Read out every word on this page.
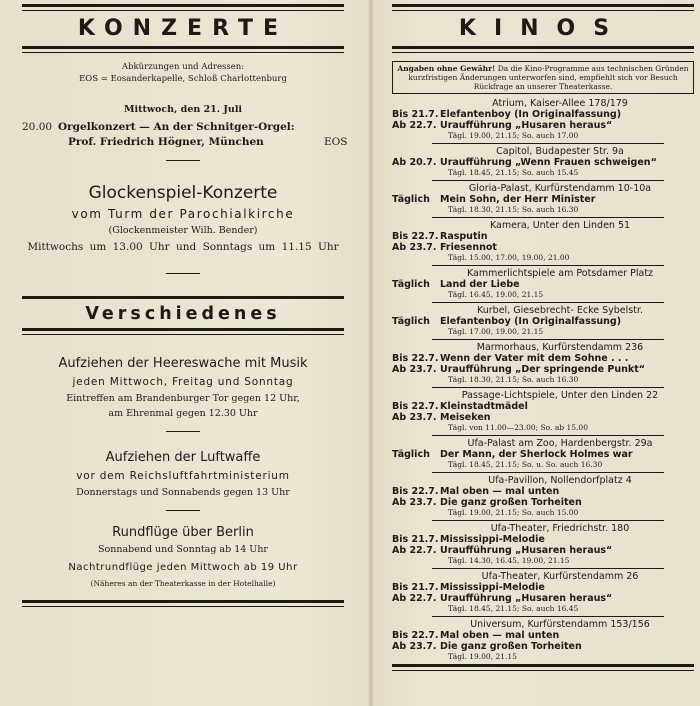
KONZERTE
Abkürzungen und Adressen:
EOS = Eosanderkapelle, Schloß Charlottenburg
Mittwoch, den 21. Juli
20.00 Orgelkonzert — An der Schnitger-Orgel:
Prof. Friedrich Högner, München	EOS
Glockenspiel-Konzerte
vom Turm der Parochialkirche
(Glockenmeister Wilh. Bender)
Mittwochs um 13.00 Uhr und Sonntags um 11.15 Uhr
Verschiedenes
Aufziehen der Heereswache mit Musik
jeden Mittwoch, Freitag und Sonntag
Eintreffen am Brandenburger Tor gegen 12 Uhr,
am Ehrenmal gegen 12.30 Uhr
Aufziehen der Luftwaffe
vor dem Reichsluftfahrtministerium
Donnerstags und Sonnabends gegen 13 Uhr
Rundflüge über Berlin
Sonnabend und Sonntag ab 14 Uhr
Nachtrundflüge jeden Mittwoch ab 19 Uhr
(Näheres an der Theaterkasse in der Hotelhalle)
KINOS
Angaben ohne Gewähr! Da die Kino-Programme aus technischen Gründen kurzfristigen Änderungen unterworfen sind, empfiehlt sich vor Besuch Rückfrage an unserer Theaterkasse.
Atrium, Kaiser-Allee 178/179
Bis 21.7. Elefantenboy (In Originalfassung)
Ab 22.7. Uraufführung „Husaren heraus“
Tägl. 19.00, 21.15; So. auch 17.00
Capitol, Budapester Str. 9a
Ab 20.7. Uraufführung „Wenn Frauen schweigen“
Tägl. 18.45, 21.15; So. auch 15.45
Gloria-Palast, Kurfürstendamm 10-10a
Täglich	Mein Sohn, der Herr Minister
Tägl. 18.30, 21.15; So. auch 16.30
Kamera, Unter den Linden 51
Bis 22.7. Rasputin
Ab 23.7. Friesennot
Tägl. 15.00, 17.00, 19.00, 21.00
Kammerlichtspiele am Potsdamer Platz
Täglich	Land der Liebe
Tägl. 16.45, 19.00, 21.15
Kurbel, Giesebrecht- Ecke Sybelstr.
Täglich	Elefantenboy (In Originalfassung)
Tägl. 17.00, 19.00, 21.15
Marmorhaus, Kurfürstendamm 236
Bis 22.7. Wenn der Vater mit dem Sohne . . .
Ab 23.7. Uraufführung „Der springende Punkt“
Tägl. 18.30, 21.15; So. auch 16.30
Passage-Lichtspiele, Unter den Linden 22
Bis 22.7. Kleinstadtmädel
Ab 23.7. Meiseken
Tägl. von 11.00—23.00; So. ab 15.00
Ufa-Palast am Zoo, Hardenbergstr. 29a
Täglich	Der Mann, der Sherlock Holmes war
Tägl. 18.45, 21.15; So. u. So. auch 16.30
Ufa-Pavillon, Nollendorfplatz 4
Bis 22.7. Mal oben — mal unten
Ab 23.7. Die ganz großen Torheiten
Tägl. 19.00, 21.15; So. auch 15.00
Ufa-Theater, Friedrichstr. 180
Bis 21.7. Mississippi-Melodie
Ab 22.7. Uraufführung „Husaren heraus“
Tägl. 14.30, 16.45, 19.00, 21.15
Ufa-Theater, Kurfürstendamm 26
Bis 21.7. Mississippi-Melodie
Ab 22.7. Uraufführung „Husaren heraus“
Tägl. 18.45, 21.15; So. auch 16.45
Universum, Kurfürstendamm 153/156
Bis 22.7. Mal oben — mal unten
Ab 23.7. Die ganz großen Torheiten
Tägl. 19.00, 21.15
